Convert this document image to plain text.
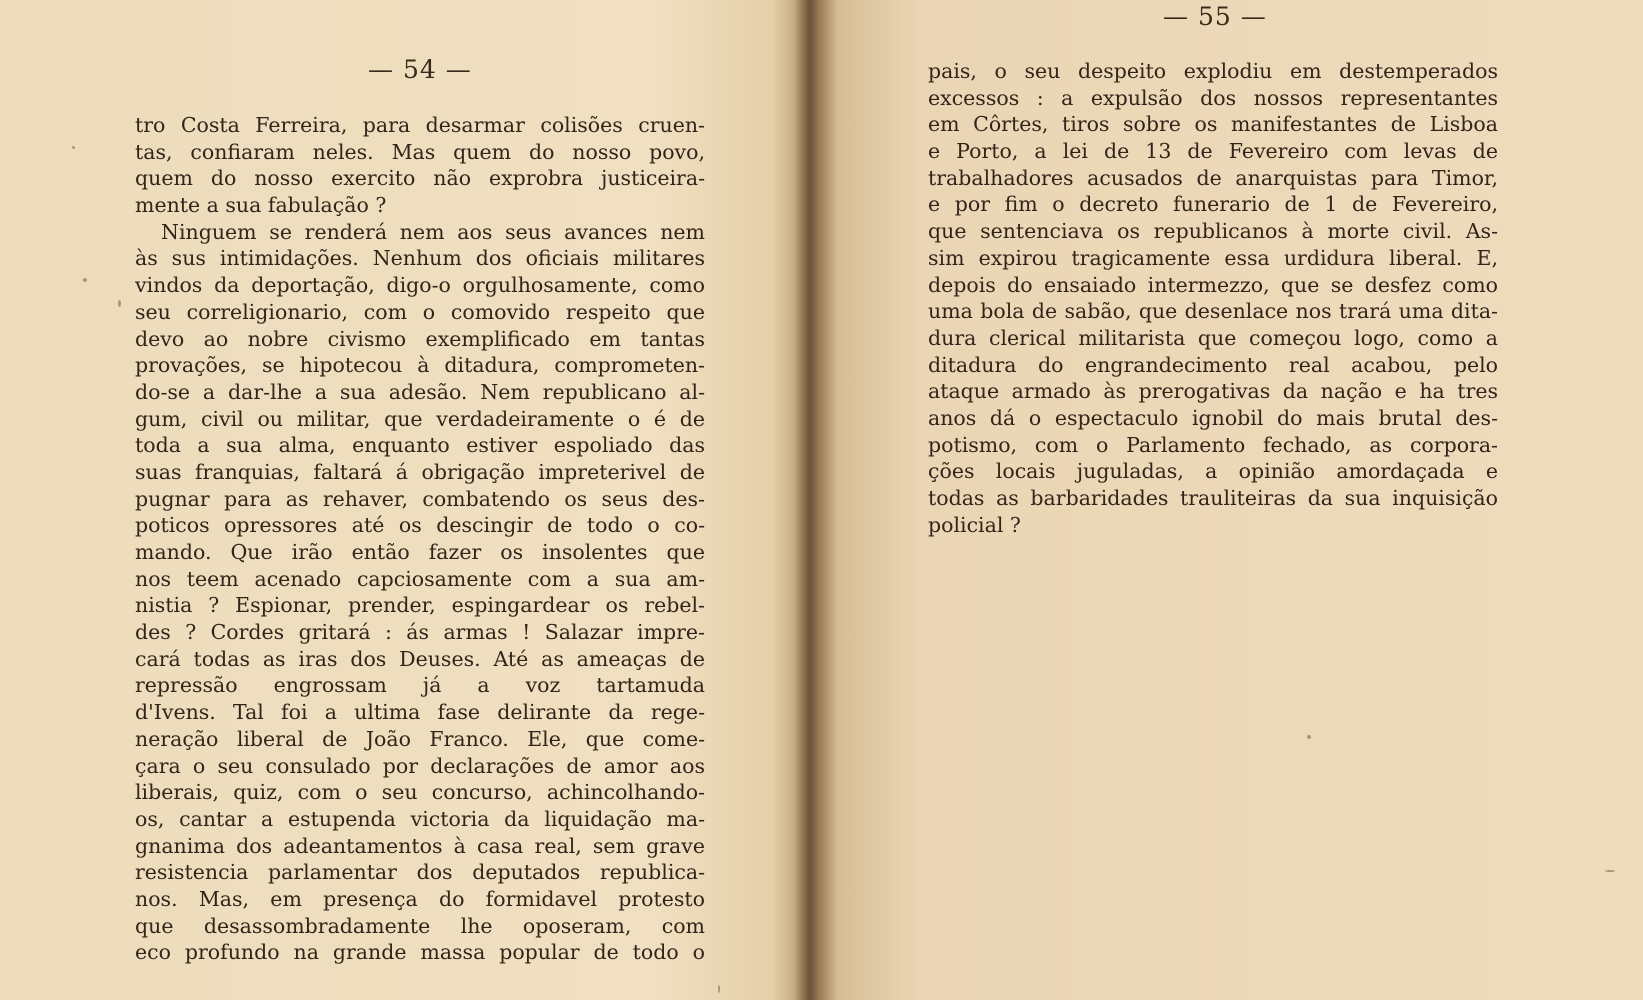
— 54 —
tro Costa Ferreira, para desarmar colisões cruen-
tas, confiaram neles. Mas quem do nosso povo,
quem do nosso exercito não exprobra justiceira-
mente a sua fabulação ?
Ninguem se renderá nem aos seus avances nem
às sus intimidações. Nenhum dos oficiais militares
vindos da deportação, digo-o orgulhosamente, como
seu correligionario, com o comovido respeito que
devo ao nobre civismo exemplificado em tantas
provações, se hipotecou à ditadura, comprometen-
do-se a dar-lhe a sua adesão. Nem republicano al-
gum, civil ou militar, que verdadeiramente o é de
toda a sua alma, enquanto estiver espoliado das
suas franquias, faltará á obrigação impreterivel de
pugnar para as rehaver, combatendo os seus des-
poticos opressores até os descingir de todo o co-
mando. Que irão então fazer os insolentes que
nos teem acenado capciosamente com a sua am-
nistia ? Espionar, prender, espingardear os rebel-
des ? Cordes gritará : ás armas ! Salazar impre-
cará todas as iras dos Deuses. Até as ameaças de
repressão engrossam já a voz tartamuda
d'Ivens. Tal foi a ultima fase delirante da rege-
neração liberal de João Franco. Ele, que come-
çara o seu consulado por declarações de amor aos
liberais, quiz, com o seu concurso, achincolhando-
os, cantar a estupenda victoria da liquidação ma-
gnanima dos adeantamentos à casa real, sem grave
resistencia parlamentar dos deputados republica-
nos. Mas, em presença do formidavel protesto
que desassombradamente lhe oposeram, com
eco profundo na grande massa popular de todo o
— 55 —
pais, o seu despeito explodiu em destemperados
excessos : a expulsão dos nossos representantes
em Côrtes, tiros sobre os manifestantes de Lisboa
e Porto, a lei de 13 de Fevereiro com levas de
trabalhadores acusados de anarquistas para Timor,
e por fim o decreto funerario de 1 de Fevereiro,
que sentenciava os republicanos à morte civil. As-
sim expirou tragicamente essa urdidura liberal. E,
depois do ensaiado intermezzo, que se desfez como
uma bola de sabão, que desenlace nos trará uma dita-
dura clerical militarista que começou logo, como a
ditadura do engrandecimento real acabou, pelo
ataque armado às prerogativas da nação e ha tres
anos dá o espectaculo ignobil do mais brutal des-
potismo, com o Parlamento fechado, as corpora-
ções locais juguladas, a opinião amordaçada e
todas as barbaridades trauliteiras da sua inquisição
policial ?
